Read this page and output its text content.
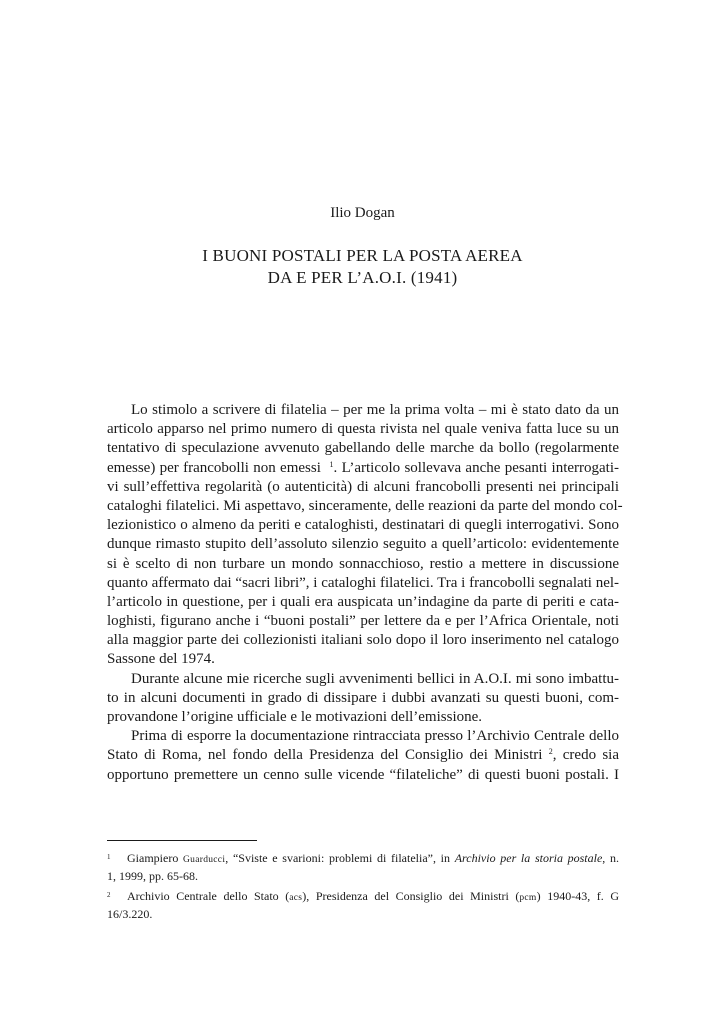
Ilio Dogan
I BUONI POSTALI PER LA POSTA AEREA
DA E PER L’A.O.I. (1941)
Lo stimolo a scrivere di filatelia – per me la prima volta – mi è stato dato da un
articolo apparso nel primo numero di questa rivista nel quale veniva fatta luce su un
tentativo di speculazione avvenuto gabellando delle marche da bollo (regolarmente
emesse) per francobolli non emessi $^1$. L’articolo sollevava anche pesanti interrogati-
vi sull’effettiva regolarità (o autenticità) di alcuni francobolli presenti nei principali
cataloghi filatelici. Mi aspettavo, sinceramente, delle reazioni da parte del mondo col-
lezionistico o almeno da periti e cataloghisti, destinatari di quegli interrogativi. Sono
dunque rimasto stupito dell’assoluto silenzio seguito a quell’articolo: evidentemente
si è scelto di non turbare un mondo sonnacchioso, restio a mettere in discussione
quanto affermato dai “sacri libri”, i cataloghi filatelici. Tra i francobolli segnalati nel-
l’articolo in questione, per i quali era auspicata un’indagine da parte di periti e cata-
loghisti, figurano anche i “buoni postali” per lettere da e per l’Africa Orientale, noti
alla maggior parte dei collezionisti italiani solo dopo il loro inserimento nel catalogo
Sassone del 1974.
Durante alcune mie ricerche sugli avvenimenti bellici in A.O.I. mi sono imbattu-
to in alcuni documenti in grado di dissipare i dubbi avanzati su questi buoni, com-
provandone l’origine ufficiale e le motivazioni dell’emissione.
Prima di esporre la documentazione rintracciata presso l’Archivio Centrale dello
Stato di Roma, nel fondo della Presidenza del Consiglio dei Ministri $^2$, credo sia
opportuno premettere un cenno sulle vicende “filateliche” di questi buoni postali. I
1	Giampiero Guarducci, “Sviste e svarioni: problemi di filatelia”, in Archivio per la storia postale, n.
1, 1999, pp. 65-68.
2	Archivio Centrale dello Stato (acs), Presidenza del Consiglio dei Ministri (pcm) 1940-43, f. G
16/3.220.
